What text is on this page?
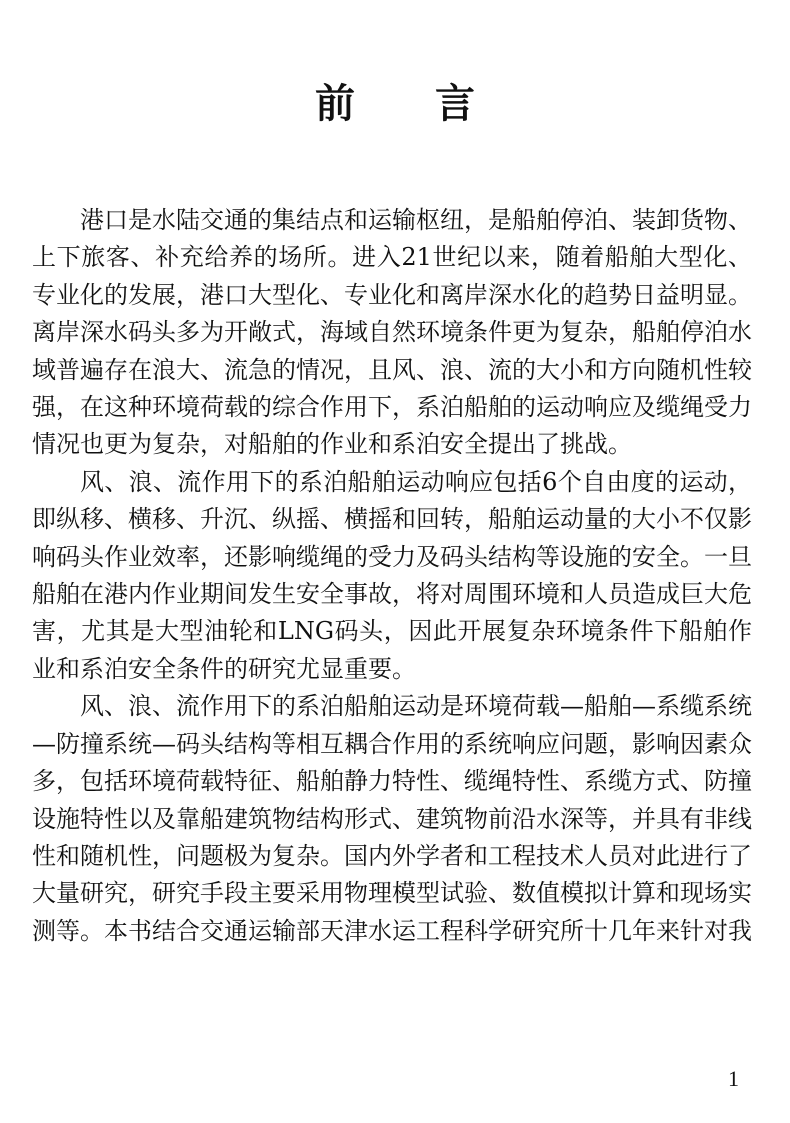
前言

港口是水陆交通的集结点和运输枢纽，是船舶停泊、装卸货物、上下旅客、补充给养的场所。进入21世纪以来，随着船舶大型化、专业化的发展，港口大型化、专业化和离岸深水化的趋势日益明显。离岸深水码头多为开敞式，海域自然环境条件更为复杂，船舶停泊水域普遍存在浪大、流急的情况，且风、浪、流的大小和方向随机性较强，在这种环境荷载的综合作用下，系泊船舶的运动响应及缆绳受力情况也更为复杂，对船舶的作业和系泊安全提出了挑战。

风、浪、流作用下的系泊船舶运动响应包括6个自由度的运动，即纵移、横移、升沉、纵摇、横摇和回转，船舶运动量的大小不仅影响码头作业效率，还影响缆绳的受力及码头结构等设施的安全。一旦船舶在港内作业期间发生安全事故，将对周围环境和人员造成巨大危害，尤其是大型油轮和LNG码头，因此开展复杂环境条件下船舶作业和系泊安全条件的研究尤显重要。

风、浪、流作用下的系泊船舶运动是环境荷载—船舶—系缆系统—防撞系统—码头结构等相互耦合作用的系统响应问题，影响因素众多，包括环境荷载特征、船舶静力特性、缆绳特性、系缆方式、防撞设施特性以及靠船建筑物结构形式、建筑物前沿水深等，并具有非线性和随机性，问题极为复杂。国内外学者和工程技术人员对此进行了大量研究，研究手段主要采用物理模型试验、数值模拟计算和现场实测等。本书结合交通运输部天津水运工程科学研究所十几年来针对我

1
